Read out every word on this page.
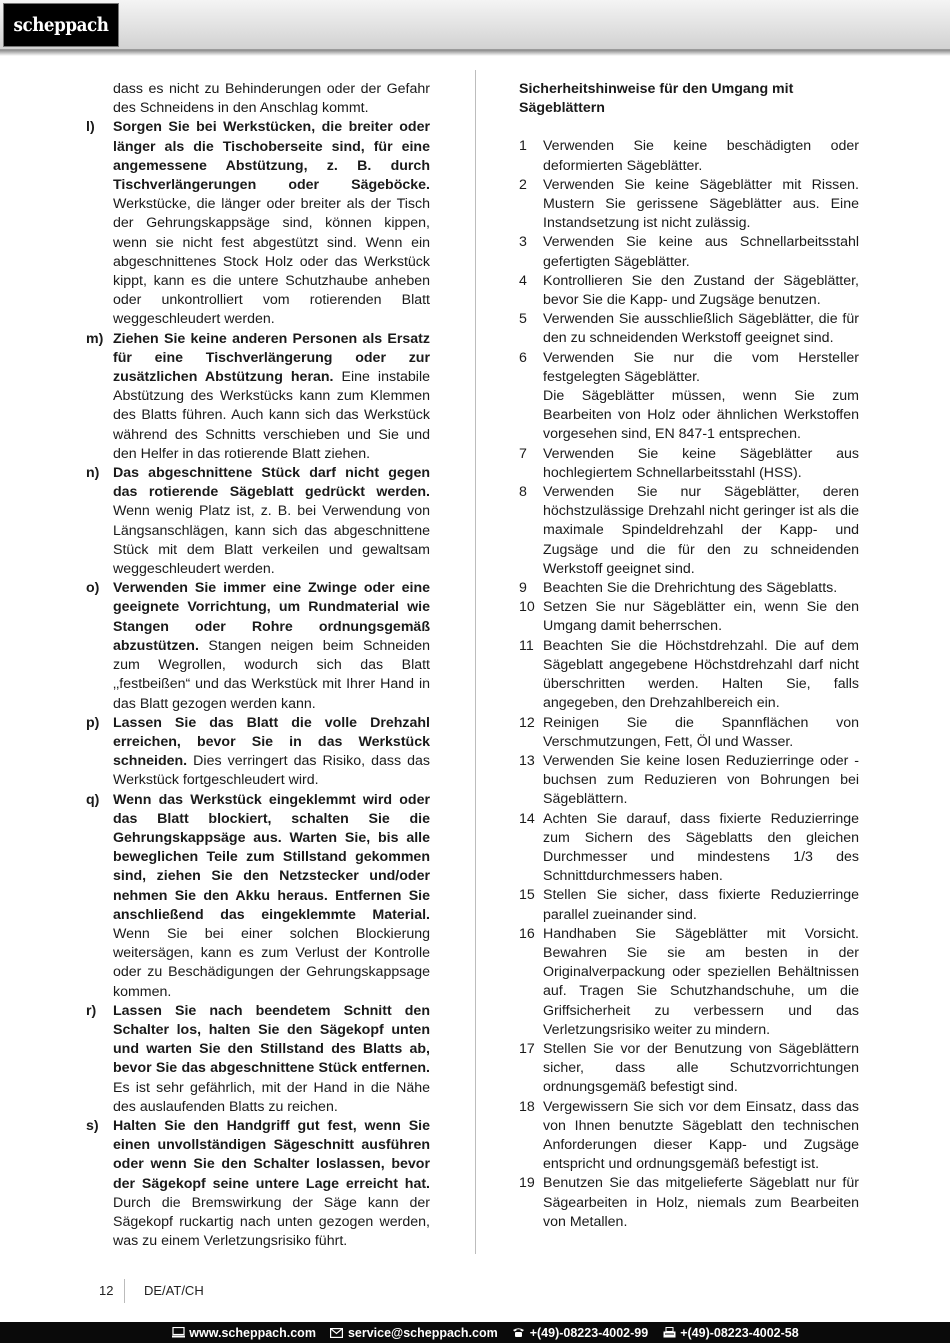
scheppach
dass es nicht zu Behinderungen oder der Gefahr des Schneidens in den Anschlag kommt.
l) Sorgen Sie bei Werkstücken, die breiter oder länger als die Tischoberseite sind, für eine angemessene Abstützung, z. B. durch Tischverlängerungen oder Sägeböcke. Werkstücke, die länger oder breiter als der Tisch der Gehrungskappsäge sind, können kippen, wenn sie nicht fest abgestützt sind. Wenn ein abgeschnittenes Stock Holz oder das Werkstück kippt, kann es die untere Schutzhaube anheben oder unkontrolliert vom rotierenden Blatt weggeschleudert werden.
m) Ziehen Sie keine anderen Personen als Ersatz für eine Tischverlängerung oder zur zusätzlichen Abstützung heran. Eine instabile Abstützung des Werkstücks kann zum Klemmen des Blatts führen. Auch kann sich das Werkstück während des Schnitts verschieben und Sie und den Helfer in das rotierende Blatt ziehen.
n) Das abgeschnittene Stück darf nicht gegen das rotierende Sägeblatt gedrückt werden. Wenn wenig Platz ist, z. B. bei Verwendung von Längsanschlägen, kann sich das abgeschnittene Stück mit dem Blatt verkeilen und gewaltsam weggeschleudert werden.
o) Verwenden Sie immer eine Zwinge oder eine geeignete Vorrichtung, um Rundmaterial wie Stangen oder Rohre ordnungsgemäß abzustützen. Stangen neigen beim Schneiden zum Wegrollen, wodurch sich das Blatt ‚‚festbeißen“ und das Werkstück mit Ihrer Hand in das Blatt gezogen werden kann.
p) Lassen Sie das Blatt die volle Drehzahl erreichen, bevor Sie in das Werkstück schneiden. Dies verringert das Risiko, dass das Werkstück fortgeschleudert wird.
q) Wenn das Werkstück eingeklemmt wird oder das Blatt blockiert, schalten Sie die Gehrungskappsäge aus. Warten Sie, bis alle beweglichen Teile zum Stillstand gekommen sind, ziehen Sie den Netzstecker und/oder nehmen Sie den Akku heraus. Entfernen Sie anschließend das eingeklemmte Material. Wenn Sie bei einer solchen Blockierung weitersägen, kann es zum Verlust der Kontrolle oder zu Beschädigungen der Gehrungskappsage kommen.
r) Lassen Sie nach beendetem Schnitt den Schalter los, halten Sie den Sägekopf unten und warten Sie den Stillstand des Blatts ab, bevor Sie das abgeschnittene Stück entfernen. Es ist sehr gefährlich, mit der Hand in die Nähe des auslaufenden Blatts zu reichen.
s) Halten Sie den Handgriff gut fest, wenn Sie einen unvollständigen Sägeschnitt ausführen oder wenn Sie den Schalter loslassen, bevor der Sägekopf seine untere Lage erreicht hat. Durch die Bremswirkung der Säge kann der Sägekopf ruckartig nach unten gezogen werden, was zu einem Verletzungsrisiko führt.
Sicherheitshinweise für den Umgang mit Sägeblättern
1 Verwenden Sie keine beschädigten oder deformierten Sägeblätter.
2 Verwenden Sie keine Sägeblätter mit Rissen. Mustern Sie gerissene Sägeblätter aus. Eine Instandsetzung ist nicht zulässig.
3 Verwenden Sie keine aus Schnellarbeitsstahl gefertigten Sägeblätter.
4 Kontrollieren Sie den Zustand der Sägeblätter, bevor Sie die Kapp- und Zugsäge benutzen.
5 Verwenden Sie ausschließlich Sägeblätter, die für den zu schneidenden Werkstoff geeignet sind.
6 Verwenden Sie nur die vom Hersteller festgelegten Sägeblätter.
Die Sägeblätter müssen, wenn Sie zum Bearbeiten von Holz oder ähnlichen Werkstoffen vorgesehen sind, EN 847-1 entsprechen.
7 Verwenden Sie keine Sägeblätter aus hochlegiertem Schnellarbeitsstahl (HSS).
8 Verwenden Sie nur Sägeblätter, deren höchstzulässige Drehzahl nicht geringer ist als die maximale Spindeldrehzahl der Kapp- und Zugsäge und die für den zu schneidenden Werkstoff geeignet sind.
9 Beachten Sie die Drehrichtung des Sägeblatts.
10 Setzen Sie nur Sägeblätter ein, wenn Sie den Umgang damit beherrschen.
11 Beachten Sie die Höchstdrehzahl. Die auf dem Sägeblatt angegebene Höchstdrehzahl darf nicht überschritten werden. Halten Sie, falls angegeben, den Drehzahlbereich ein.
12 Reinigen Sie die Spannflächen von Verschmutzungen, Fett, Öl und Wasser.
13 Verwenden Sie keine losen Reduzierringe oder -buchsen zum Reduzieren von Bohrungen bei Sägeblättern.
14 Achten Sie darauf, dass fixierte Reduzierringe zum Sichern des Sägeblatts den gleichen Durchmesser und mindestens 1/3 des Schnittdurchmessers haben.
15 Stellen Sie sicher, dass fixierte Reduzierringe parallel zueinander sind.
16 Handhaben Sie Sägeblätter mit Vorsicht. Bewahren Sie sie am besten in der Originalverpackung oder speziellen Behältnissen auf. Tragen Sie Schutzhandschuhe, um die Griffsicherheit zu verbessern und das Verletzungsrisiko weiter zu mindern.
17 Stellen Sie vor der Benutzung von Sägeblättern sicher, dass alle Schutzvorrichtungen ordnungsgemäß befestigt sind.
18 Vergewissern Sie sich vor dem Einsatz, dass das von Ihnen benutzte Sägeblatt den technischen Anforderungen dieser Kapp- und Zugsäge entspricht und ordnungsgemäß befestigt ist.
19 Benutzen Sie das mitgelieferte Sägeblatt nur für Sägearbeiten in Holz, niemals zum Bearbeiten von Metallen.
12 DE/AT/CH
www.scheppach.com	service@scheppach.com	+(49)-08223-4002-99	+(49)-08223-4002-58
